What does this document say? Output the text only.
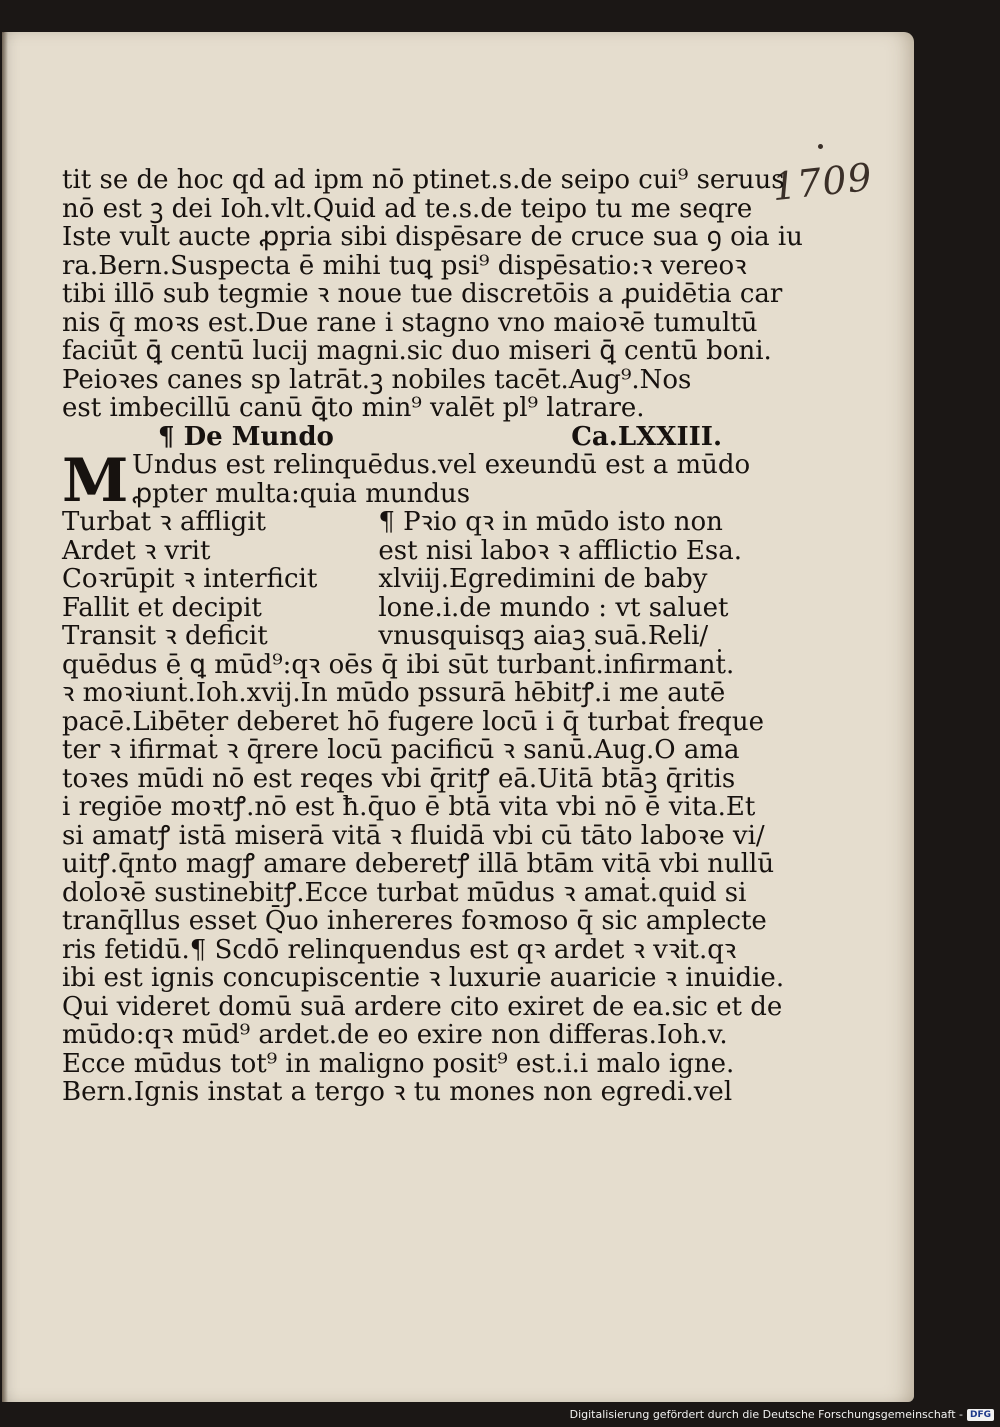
1709
tit se de hoc qd ad ipm nō ptinet.s.de seipo cui⁹ seruus
nō est ꝫ dei Ioh.vlt.Quid ad te.s.de teipo tu me seqre
Iste vult aucte ꝓpria sibi dispēsare de cruce sua ꝯ oia iu
ra.Bern.Suspecta ē mihi tuꝗ psi⁹ dispēsatio:ꝛ vereoꝛ
tibi illō sub tegmie ꝛ noue tue discretōis a ꝓuidētia car
nis q̄ moꝛs est.Due rane i stagno vno maioꝛē tumultū
faciūt ꝗ̄ centū lucij magni.sic duo miseri ꝗ̄ centū boni.
Peioꝛes canes sp latrāt.ꝫ nobiles tacēt.Aug⁹.Nos
est imbecillū canū ꝗ̄to min⁹ valēt pl⁹ latrare.
¶ De Mundo	Ca.LXXIII.
M Undus est relinquēdus.vel exeundū est a mūdo
ꝓpter multa:quia mundus
Turbat ꝛ affligit
Ardet ꝛ vrit
Coꝛrūpit ꝛ interficit
Fallit et decipit
Transit ꝛ deficit
¶ Pꝛio qꝛ in mūdo isto non
est nisi laboꝛ ꝛ afflictio Esa.
xlviij.Egredimini de baby
lone.i.de mundo : vt saluet
vnusquisqꝫ aiaꝫ suā.Reli/
quēdus ē ꝗ mūd⁹:qꝛ oēs q̄ ibi sūt turbanṫ.infirmanṫ.
ꝛ moꝛiunṫ.Ioh.xvij.In mūdo pssurā hēbitꝭ.i me autē
pacē.Libēter deberet hō fugere locū i q̄ turbaṫ freque
ter ꝛ ifirmaṫ ꝛ q̄rere locū pacificū ꝛ sanū.Aug.O ama
toꝛes mūdi nō est reqes vbi q̄ritꝭ eā.Uitā btāꝫ q̄ritis
i regiōe moꝛtꝭ.nō est ħ.q̄uo ē btā vita vbi nō ē vita.Et
si amatꝭ istā miserā vitā ꝛ fluidā vbi cū tāto laboꝛe vi/
uitꝭ.q̄nto magꝭ amare deberetꝭ illā btām vitā vbi nullū
doloꝛē sustinebitꝭ.Ecce turbat mūdus ꝛ amaṫ.quid si
tranq̄llus esset Q̄uo inhereres foꝛmoso q̄ sic amplecte
ris fetidū.¶ Scdō relinquendus est qꝛ ardet ꝛ vꝛit.qꝛ
ibi est ignis concupiscentie ꝛ luxurie auaricie ꝛ inuidie.
Qui videret domū suā ardere cito exiret de ea.sic et de
mūdo:qꝛ mūd⁹ ardet.de eo exire non differas.Ioh.v.
Ecce mūdus tot⁹ in maligno posit⁹ est.i.i malo igne.
Bern.Ignis instat a tergo ꝛ tu mones non egredi.vel
Digitalisierung gefördert durch die Deutsche Forschungsgemeinschaft - DFG
